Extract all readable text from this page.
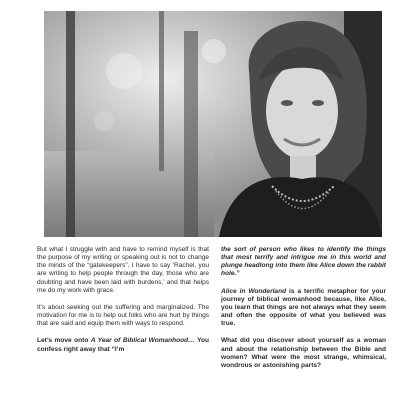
But what I struggle with and have to remind myself is that the purpose of my writing or speaking out is not to change the minds of the “gatekeepers”. I have to say ‘Rachel, you are writing to help people through the day, those who are doubting and have been laid with burdens,’ and that helps me do my work with grace.

It’s about seeking out the suffering and marginalized. The motivation for me is to help out folks who are hurt by things that are said and equip them with ways to respond.

Let’s move onto A Year of Biblical Womanhood… You confess right away that “I’m

the sort of person who likes to identify the things that most terrify and intrigue me in this world and plunge headlong into them like Alice down the rabbit hole.”

Alice in Wonderland is a terrific metaphor for your journey of biblical womanhood because, like Alice, you learn that things are not always what they seem and often the opposite of what you believed was true.

What did you discover about yourself as a woman and about the relationship between the Bible and women? What were the most strange, whimsical, wondrous or astonishing parts?
